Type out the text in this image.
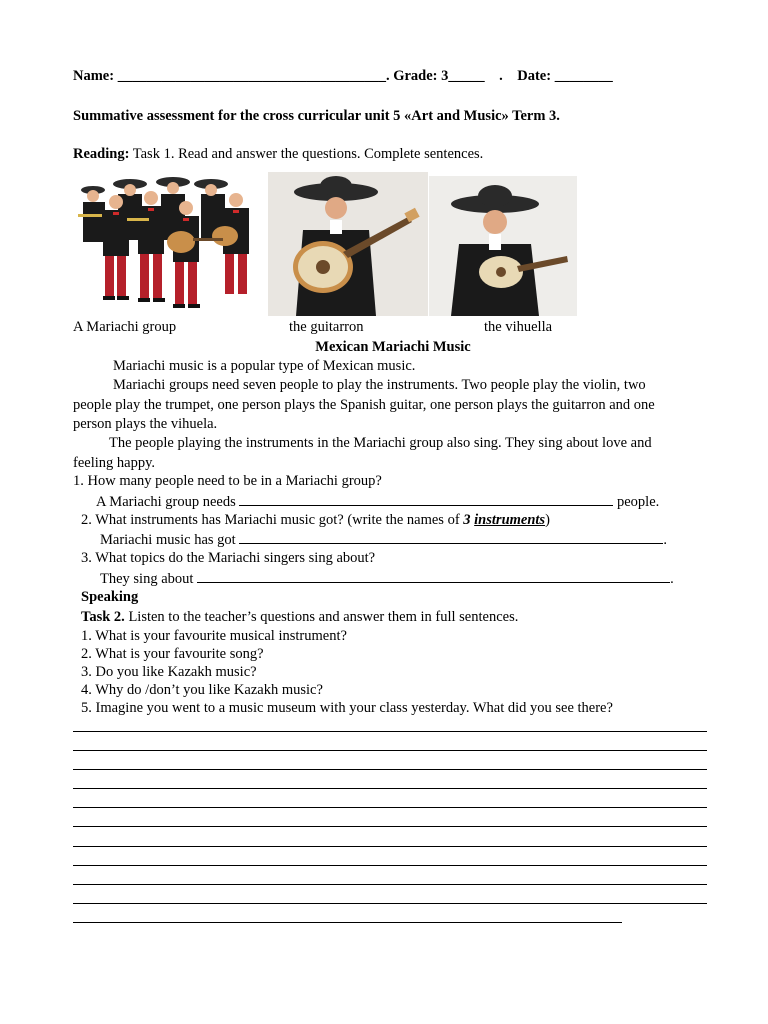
Name: _____________________________________. Grade: 3_____ . Date: ________
Summative assessment for the cross curricular unit 5 «Art and Music» Term 3.
Reading: Task 1. Read and answer the questions. Complete sentences.
A Mariachi group	the guitarron	the vihuella
Mexican Mariachi Music
Mariachi music is a popular type of Mexican music.
Mariachi groups need seven people to play the instruments. Two people play the violin, two
people play the trumpet, one person plays the Spanish guitar, one person plays the guitarron and one
person plays the vihuela.
The people playing the instruments in the Mariachi group also sing. They sing about love and
feeling happy.
1. How many people need to be in a Mariachi group?
A Mariachi group needs	people.
2. What instruments has Mariachi music got? (write the names of 3 instruments)
Mariachi music has got	.
3. What topics do the Mariachi singers sing about?
They sing about	.
Speaking
Task 2. Listen to the teacher’s questions and answer them in full sentences.
1. What is your favourite musical instrument?
2. What is your favourite song?
3. Do you like Kazakh music?
4. Why do /don’t you like Kazakh music?
5. Imagine you went to a music museum with your class yesterday. What did you see there?
